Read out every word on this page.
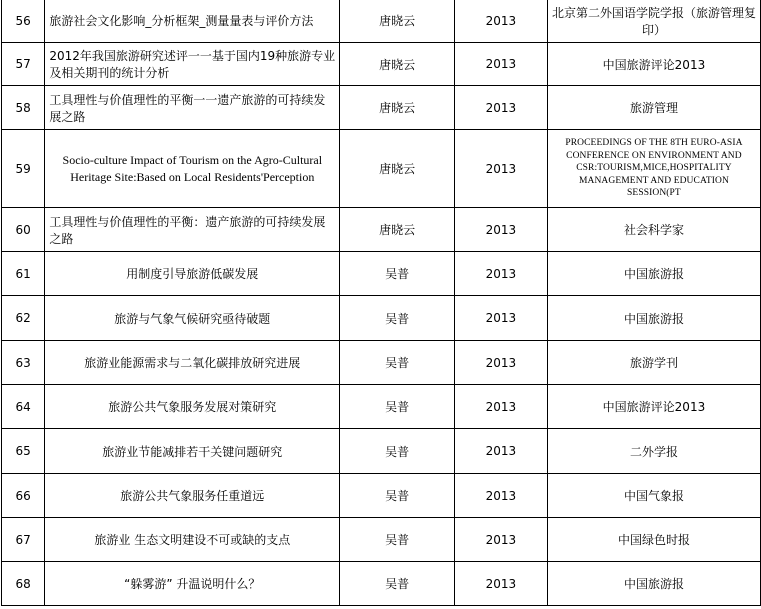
56	旅游社会文化影响_分析框架_测量量表与评价方法	唐晓云	2013	北京第二外国语学院学报（旅游管理复印）
57	2012年我国旅游研究述评一一基于国内19种旅游专业及相关期刊的统计分析	唐晓云	2013	中国旅游评论2013
58	工具理性与价值理性的平衡一一遗产旅游的可持续发展之路	唐晓云	2013	旅游管理
59	Socio-culture Impact of Tourism on the Agro-Cultural Heritage Site:Based on Local Residents'Perception	唐晓云	2013	PROCEEDINGS OF THE 8TH EURO-ASIA CONFERENCE ON ENVIRONMENT AND CSR:TOURISM,MICE,HOSPITALITY MANAGEMENT AND EDUCATION SESSION(PT
60	工具理性与价值理性的平衡：遗产旅游的可持续发展之路	唐晓云	2013	社会科学家
61	用制度引导旅游低碳发展	吴普	2013	中国旅游报
62	旅游与气象气候研究亟待破题	吴普	2013	中国旅游报
63	旅游业能源需求与二氧化碳排放研究进展	吴普	2013	旅游学刊
64	旅游公共气象服务发展对策研究	吴普	2013	中国旅游评论2013
65	旅游业节能减排若干关键问题研究	吴普	2013	二外学报
66	旅游公共气象服务任重道远	吴普	2013	中国气象报
67	旅游业 生态文明建设不可或缺的支点	吴普	2013	中国绿色时报
68	“躲雾游” 升温说明什么？	吴普	2013	中国旅游报
